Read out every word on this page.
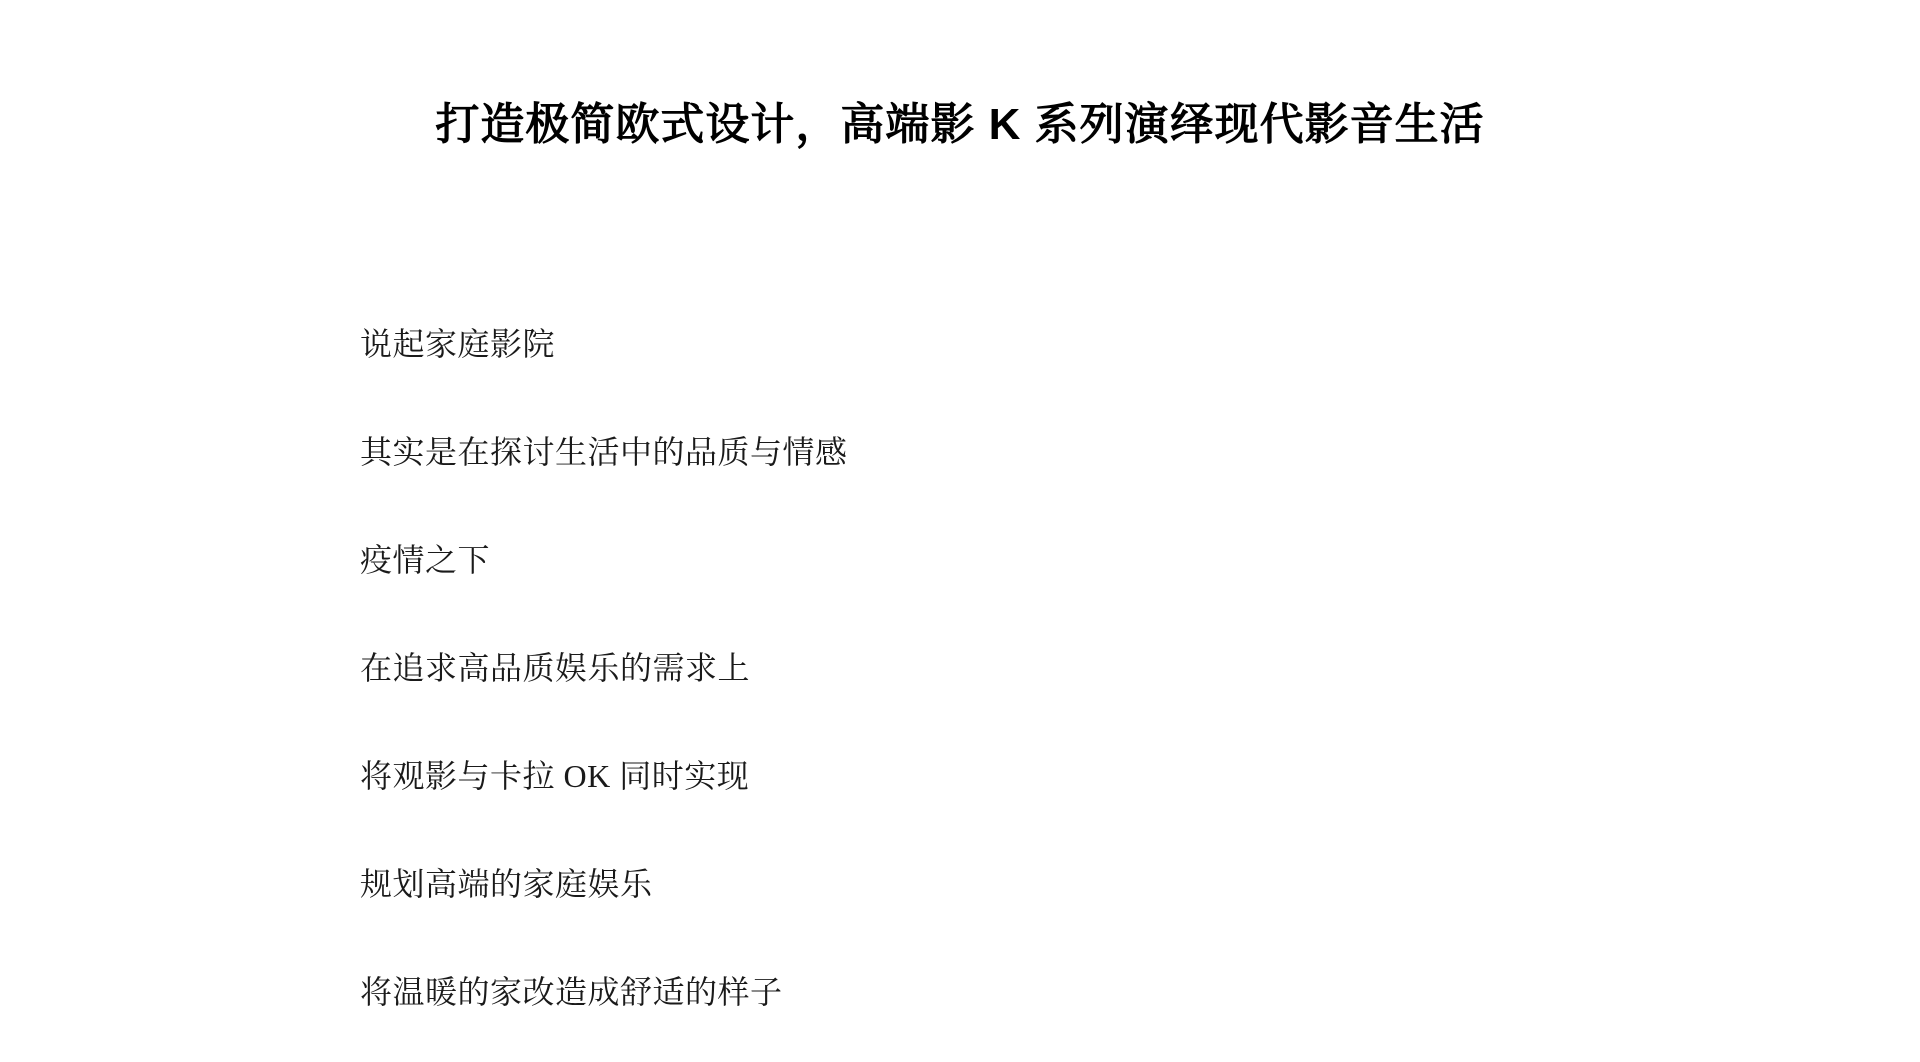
打造极简欧式设计，高端影 K 系列演绎现代影音生活

说起家庭影院

其实是在探讨生活中的品质与情感

疫情之下

在追求高品质娱乐的需求上

将观影与卡拉 OK 同时实现

规划高端的家庭娱乐

将温暖的家改造成舒适的样子
